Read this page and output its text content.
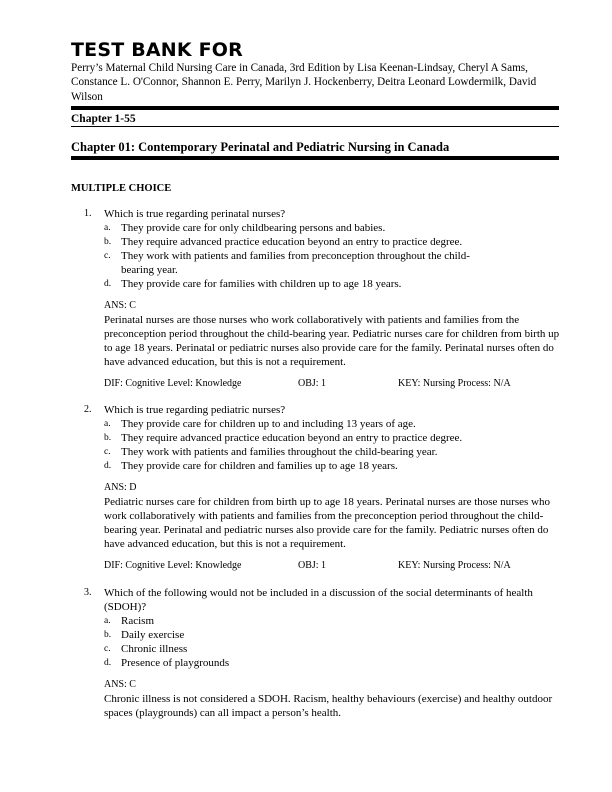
TEST BANK FOR
Perry’s Maternal Child Nursing Care in Canada, 3rd Edition by Lisa Keenan-Lindsay, Cheryl A Sams, Constance L. O'Connor, Shannon E. Perry, Marilyn J. Hockenberry, Deitra Leonard Lowdermilk, David Wilson
Chapter 1-55
Chapter 01: Contemporary Perinatal and Pediatric Nursing in Canada
MULTIPLE CHOICE
1.	Which is true regarding perinatal nurses?
a. They provide care for only childbearing persons and babies.
b. They require advanced practice education beyond an entry to practice degree.
c. They work with patients and families from preconception throughout the child-bearing year.
d. They provide care for families with children up to age 18 years.
ANS: C
Perinatal nurses are those nurses who work collaboratively with patients and families from the preconception period throughout the child-bearing year. Pediatric nurses care for children from birth up to age 18 years. Perinatal or pediatric nurses also provide care for the family. Perinatal nurses often do have advanced education, but this is not a requirement.
DIF: Cognitive Level: Knowledge	OBJ: 1	KEY: Nursing Process: N/A
2.	Which is true regarding pediatric nurses?
a. They provide care for children up to and including 13 years of age.
b. They require advanced practice education beyond an entry to practice degree.
c. They work with patients and families throughout the child-bearing year.
d. They provide care for children and families up to age 18 years.
ANS: D
Pediatric nurses care for children from birth up to age 18 years. Perinatal nurses are those nurses who work collaboratively with patients and families from the preconception period throughout the child-bearing year. Perinatal and pediatric nurses also provide care for the family. Pediatric nurses often do have advanced education, but this is not a requirement.
DIF: Cognitive Level: Knowledge	OBJ: 1	KEY: Nursing Process: N/A
3.	Which of the following would not be included in a discussion of the social determinants of health (SDOH)?
a. Racism
b. Daily exercise
c. Chronic illness
d. Presence of playgrounds
ANS: C
Chronic illness is not considered a SDOH. Racism, healthy behaviours (exercise) and healthy outdoor spaces (playgrounds) can all impact a person’s health.
